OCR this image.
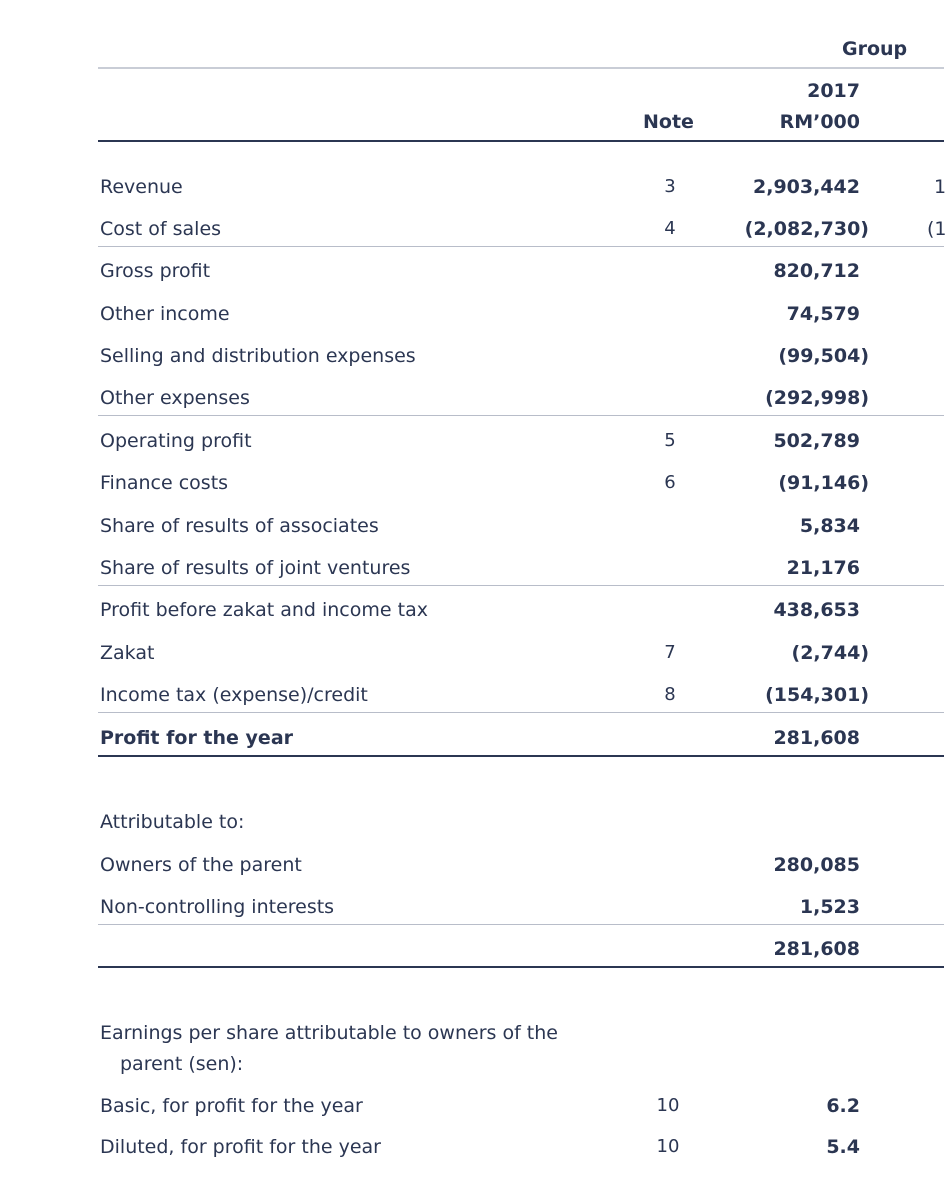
Group
2017
Note	RM’000
Revenue	3	2,903,442	1
Cost of sales	4	(2,082,730)	(1
Gross profit	820,712
Other income	74,579
Selling and distribution expenses	(99,504)
Other expenses	(292,998)
Operating profit	5	502,789
Finance costs	6	(91,146)
Share of results of associates	5,834
Share of results of joint ventures	21,176
Profit before zakat and income tax	438,653
Zakat	7	(2,744)
Income tax (expense)/credit	8	(154,301)
Profit for the year	281,608
Attributable to:
Owners of the parent	280,085
Non-controlling interests	1,523
281,608
Earnings per share attributable to owners of the
parent (sen):
Basic, for profit for the year	10	6.2
Diluted, for profit for the year	10	5.4
